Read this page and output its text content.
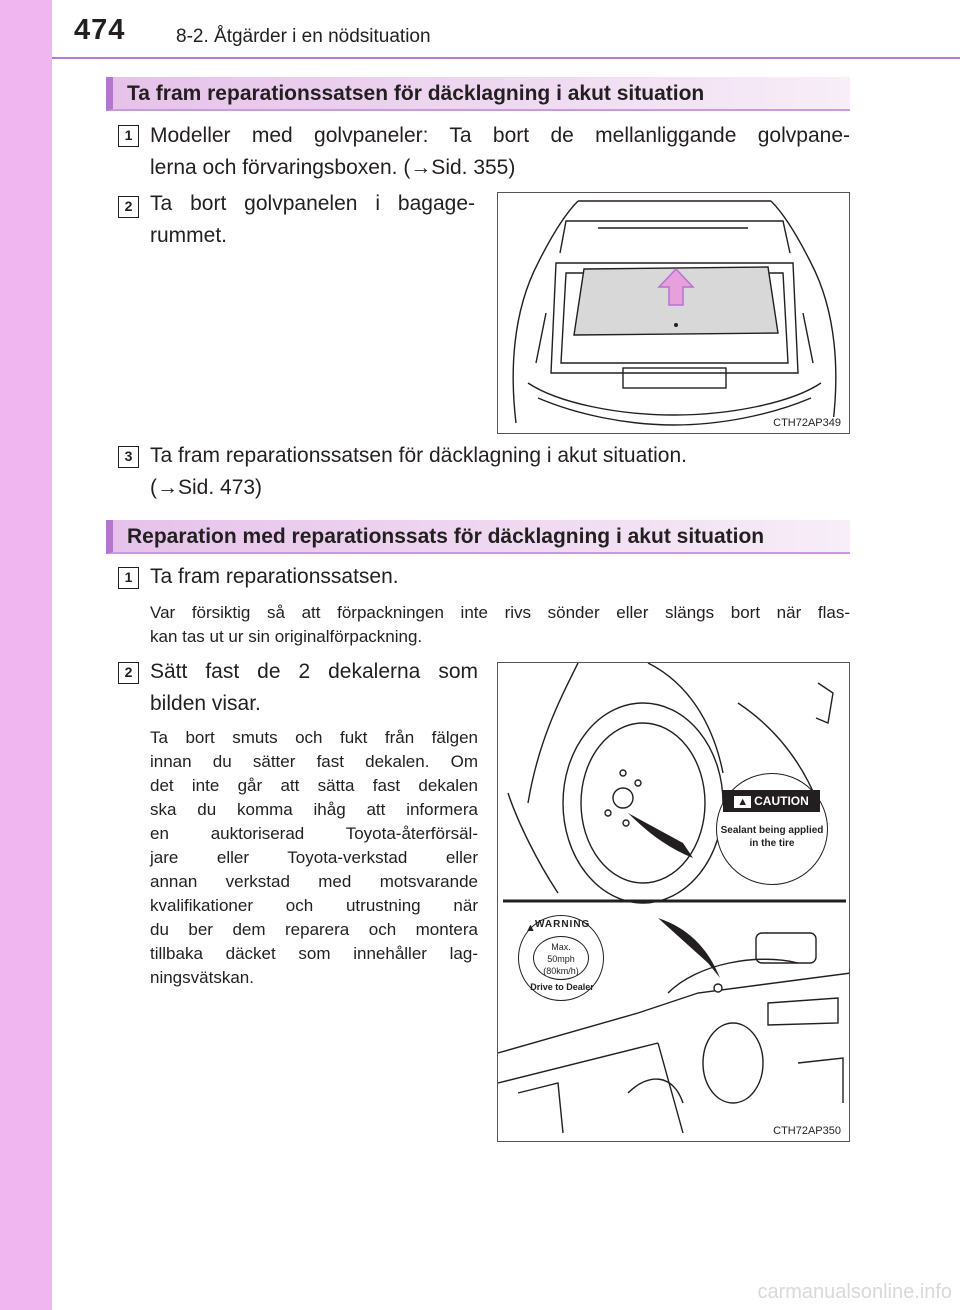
474	8-2. Åtgärder i en nödsituation
Ta fram reparationssatsen för däcklagning i akut situation
1 Modeller med golvpaneler: Ta bort de mellanliggande golvpane-
lerna och förvaringsboxen. (→Sid. 355)
2 Ta bort golvpanelen i bagage-
rummet.
CTH72AP349
3 Ta fram reparationssatsen för däcklagning i akut situation.
(→Sid. 473)
Reparation med reparationssats för däcklagning i akut situation
1 Ta fram reparationssatsen.
Var försiktig så att förpackningen inte rivs sönder eller slängs bort när flas-
kan tas ut ur sin originalförpackning.
2 Sätt fast de 2 dekalerna som
bilden visar.
Ta bort smuts och fukt från fälgen
innan du sätter fast dekalen. Om
det inte går att sätta fast dekalen
ska du komma ihåg att informera
en auktoriserad Toyota-återförsäl-
jare eller Toyota-verkstad eller
annan verkstad med motsvarande
kvalifikationer och utrustning när
du ber dem reparera och montera
tillbaka däcket som innehåller lag-
ningsvätskan.
▲ CAUTION
Sealant being applied
in the tire
WARNING
▲
Max.
50mph
(80km/h)
Drive to Dealer
CTH72AP350
carmanualsonline.info
